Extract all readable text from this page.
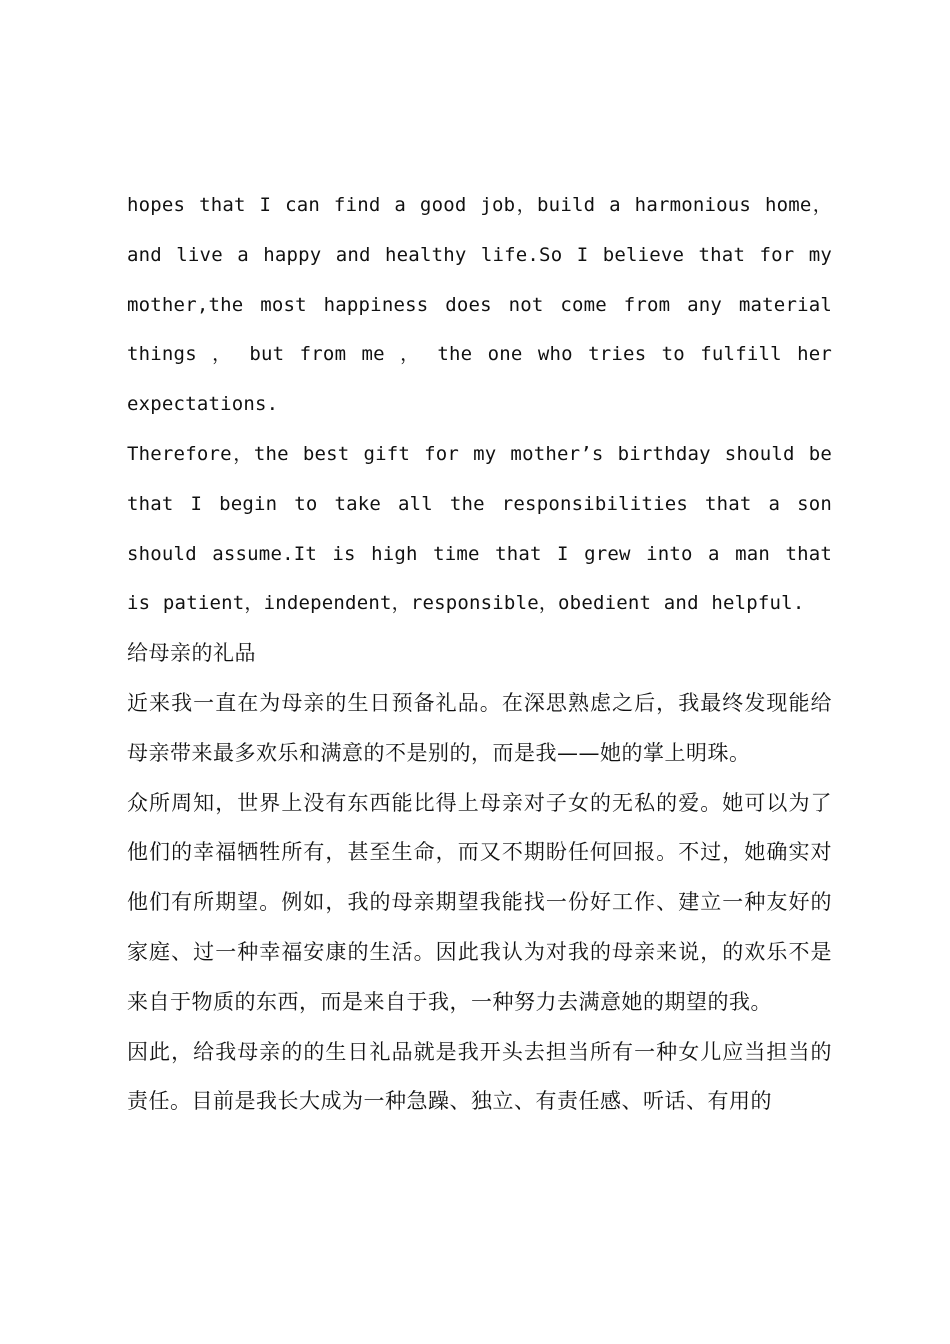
hopes that I can find a good job，build a harmonious home，and live a happy and healthy life.So I believe that for my mother,the most happiness does not come from any material things ， but from me ， the one who tries to fulfill her expectations.

Therefore，the best gift for my mother’s birthday should be that I begin to take all the responsibilities that a son should assume.It is high time that I grew into a man that is patient，independent，responsible，obedient and helpful.

给母亲的礼品

近来我一直在为母亲的生日预备礼品。在深思熟虑之后，我最终发现能给母亲带来最多欢乐和满意的不是别的，而是我——她的掌上明珠。

众所周知，世界上没有东西能比得上母亲对子女的无私的爱。她可以为了他们的幸福牺牲所有，甚至生命，而又不期盼任何回报。不过，她确实对他们有所期望。例如，我的母亲期望我能找一份好工作、建立一种友好的家庭、过一种幸福安康的生活。因此我认为对我的母亲来说，的欢乐不是来自于物质的东西，而是来自于我，一种努力去满意她的期望的我。

因此，给我母亲的的生日礼品就是我开头去担当所有一种女儿应当担当的责任。目前是我长大成为一种急躁、独立、有责任感、听话、有用的
